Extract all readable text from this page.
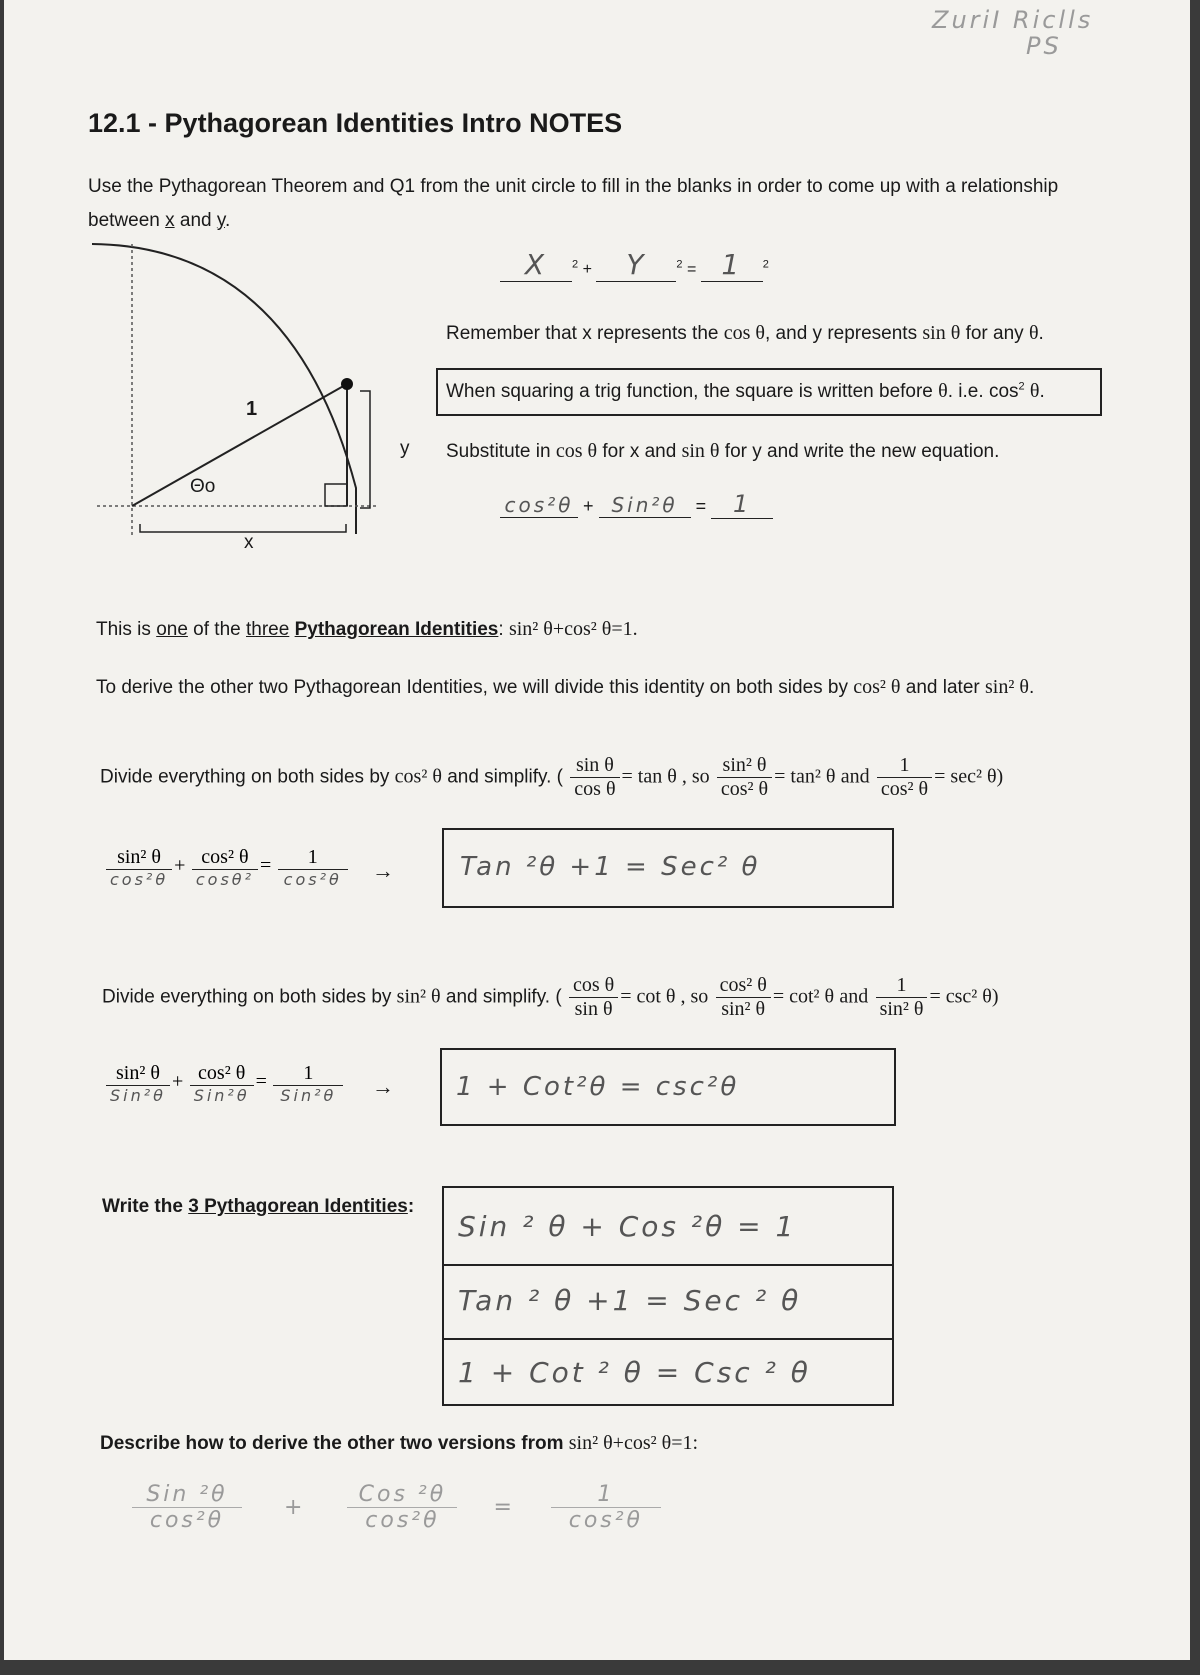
ZuriI Riclls
PS
12.1 - Pythagorean Identities Intro NOTES
Use the Pythagorean Theorem and Q1 from the unit circle to fill in the blanks in order to come up with a relationship
between x and y.
1
Θo
x
y
X $^2$ + Y	$^2$ = 1 $^2$
Remember that x represents the cos θ, and y represents sin θ for any θ.
When squaring a trig function, the square is written before θ. i.e. $\cos^2 \theta$.
Substitute in cos θ for x and sin θ for y and write the new equation.
cos²θ + Sin²θ = 1
This is one of the three Pythagorean Identities: sin² θ+cos² θ=1.
To derive the other two Pythagorean Identities, we will divide this identity on both sides by cos² θ and later sin² θ.
Divide everything on both sides by cos² θ and simplify. ( $\frac{\text{sin θ}}{\text{cos θ}} = \tan \theta$ , so $\frac{\text{sin² θ}}{\text{cos² θ}} = \tan^2$ θ and $\frac{1}{\text{cos² θ}} = \sec^2$ θ)
$\frac{\text{sin² θ}}{\text{cos²θ}} + \frac{\text{cos² θ}}{\text{cosθ²}} = \frac{1}{\text{cos²θ}}$ →	Tan ²θ +1 = Sec² θ
Divide everything on both sides by sin² θ and simplify. ( $\frac{\text{cos θ}}{\text{sin θ}} = \cot \theta$ , so $\frac{\text{cos² θ}}{\text{sin² θ}} = \cot^2$ θ and $\frac{1}{\text{sin² θ}} = \csc^2$ θ)
$\frac{\text{sin² θ}}{\text{Sin²θ}} + \frac{\text{cos² θ}}{\text{Sin²θ}} = \frac{1}{\text{Sin²θ}} \to 1 + Cot^2\theta = \csc^2\theta$
Write the 3 Pythagorean Identities:
Sin ² θ + Cos ²θ = 1
Tan ² θ +1 = Sec ² θ
1 + Cot ² θ = Csc ² θ
Describe how to derive the other two versions from sin² θ+cos² θ=1:
$\frac{\text{Sin ²θ}}{\text{cos²θ}} + \frac{\text{Cos ²θ}}{\text{cos²θ}} = \frac{1}{\text{cos²θ}}$
